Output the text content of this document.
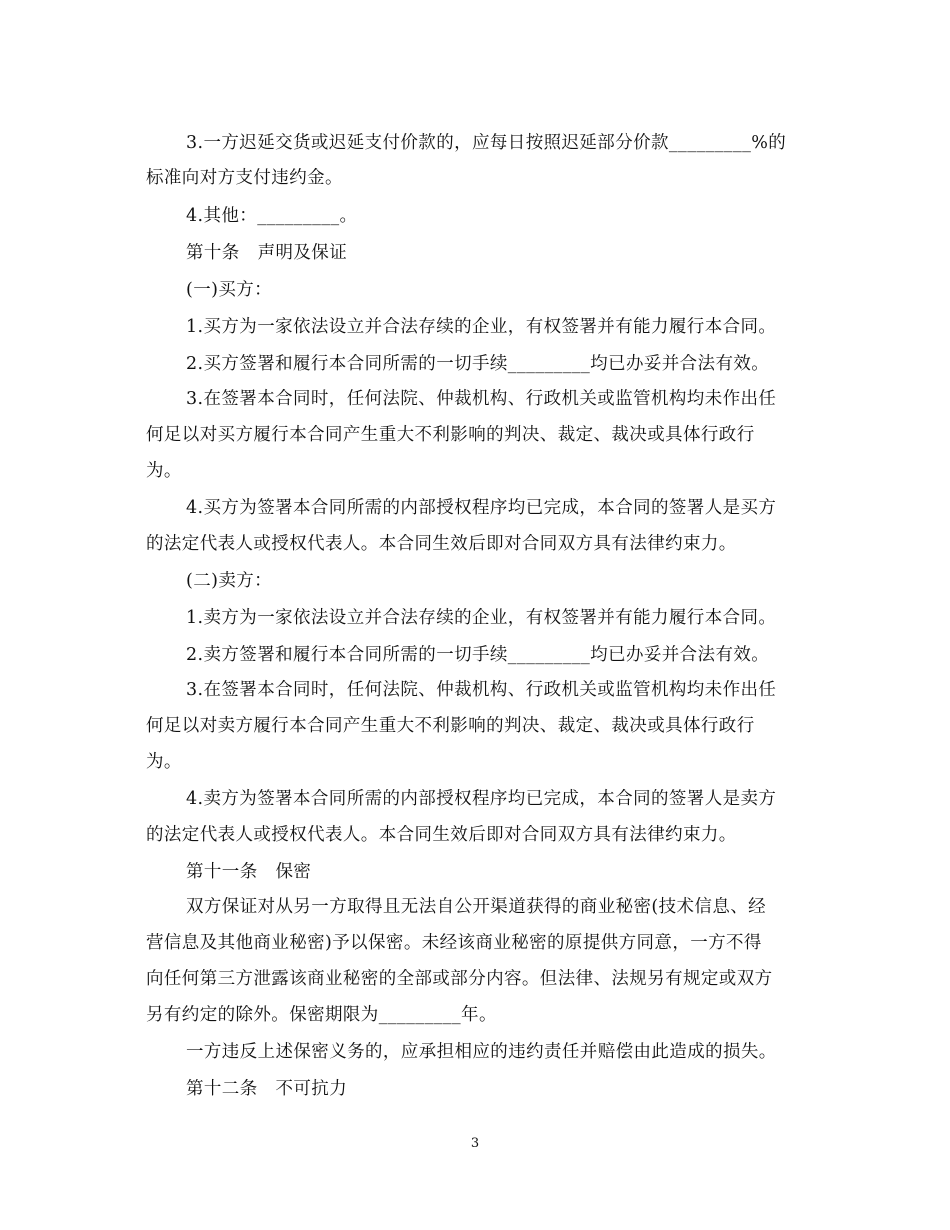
3.一方迟延交货或迟延支付价款的，应每日按照迟延部分价款_________%的
标准向对方支付违约金。
4.其他：_________。
第十条　声明及保证
(一)买方：
1.买方为一家依法设立并合法存续的企业，有权签署并有能力履行本合同。
2.买方签署和履行本合同所需的一切手续_________均已办妥并合法有效。
3.在签署本合同时，任何法院、仲裁机构、行政机关或监管机构均未作出任
何足以对买方履行本合同产生重大不利影响的判决、裁定、裁决或具体行政行
为。
4.买方为签署本合同所需的内部授权程序均已完成，本合同的签署人是买方
的法定代表人或授权代表人。本合同生效后即对合同双方具有法律约束力。
(二)卖方：
1.卖方为一家依法设立并合法存续的企业，有权签署并有能力履行本合同。
2.卖方签署和履行本合同所需的一切手续_________均已办妥并合法有效。
3.在签署本合同时，任何法院、仲裁机构、行政机关或监管机构均未作出任
何足以对卖方履行本合同产生重大不利影响的判决、裁定、裁决或具体行政行
为。
4.卖方为签署本合同所需的内部授权程序均已完成，本合同的签署人是卖方
的法定代表人或授权代表人。本合同生效后即对合同双方具有法律约束力。
第十一条　保密
双方保证对从另一方取得且无法自公开渠道获得的商业秘密(技术信息、经
营信息及其他商业秘密)予以保密。未经该商业秘密的原提供方同意，一方不得
向任何第三方泄露该商业秘密的全部或部分内容。但法律、法规另有规定或双方
另有约定的除外。保密期限为_________年。
一方违反上述保密义务的，应承担相应的违约责任并赔偿由此造成的损失。
第十二条　不可抗力
3
